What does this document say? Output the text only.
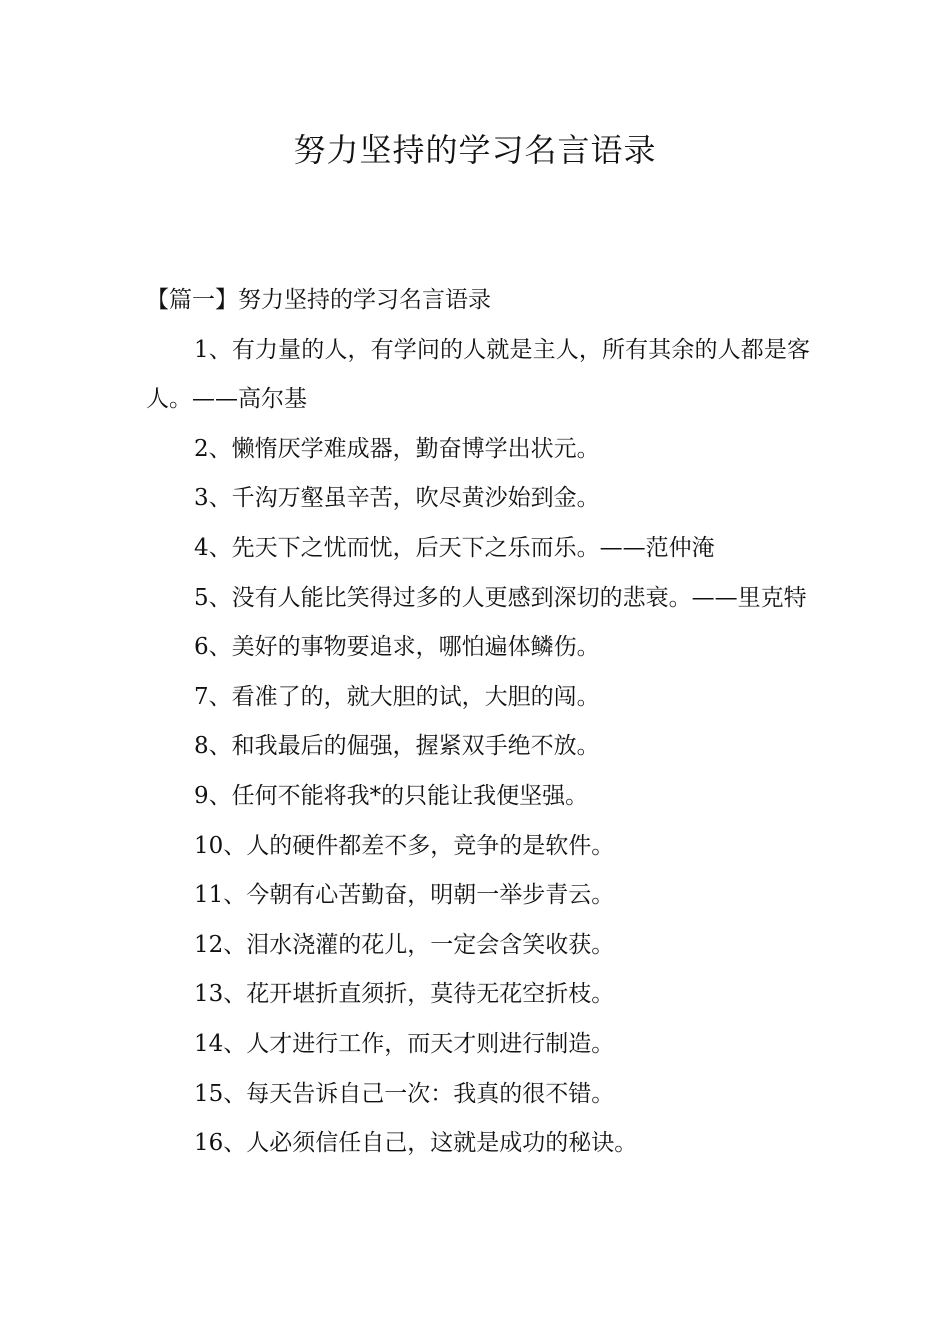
努力坚持的学习名言语录

【篇一】努力坚持的学习名言语录

1、有力量的人，有学问的人就是主人，所有其余的人都是客人。——高尔基

2、懒惰厌学难成器，勤奋博学出状元。

3、千沟万壑虽辛苦，吹尽黄沙始到金。

4、先天下之忧而忧，后天下之乐而乐。——范仲淹

5、没有人能比笑得过多的人更感到深切的悲衰。——里克特

6、美好的事物要追求，哪怕遍体鳞伤。

7、看准了的，就大胆的试，大胆的闯。

8、和我最后的倔强，握紧双手绝不放。

9、任何不能将我*的只能让我便坚强。

10、人的硬件都差不多，竞争的是软件。

11、今朝有心苦勤奋，明朝一举步青云。

12、泪水浇灌的花儿，一定会含笑收获。

13、花开堪折直须折，莫待无花空折枝。

14、人才进行工作，而天才则进行制造。

15、每天告诉自己一次：我真的很不错。

16、人必须信任自己，这就是成功的秘诀。
